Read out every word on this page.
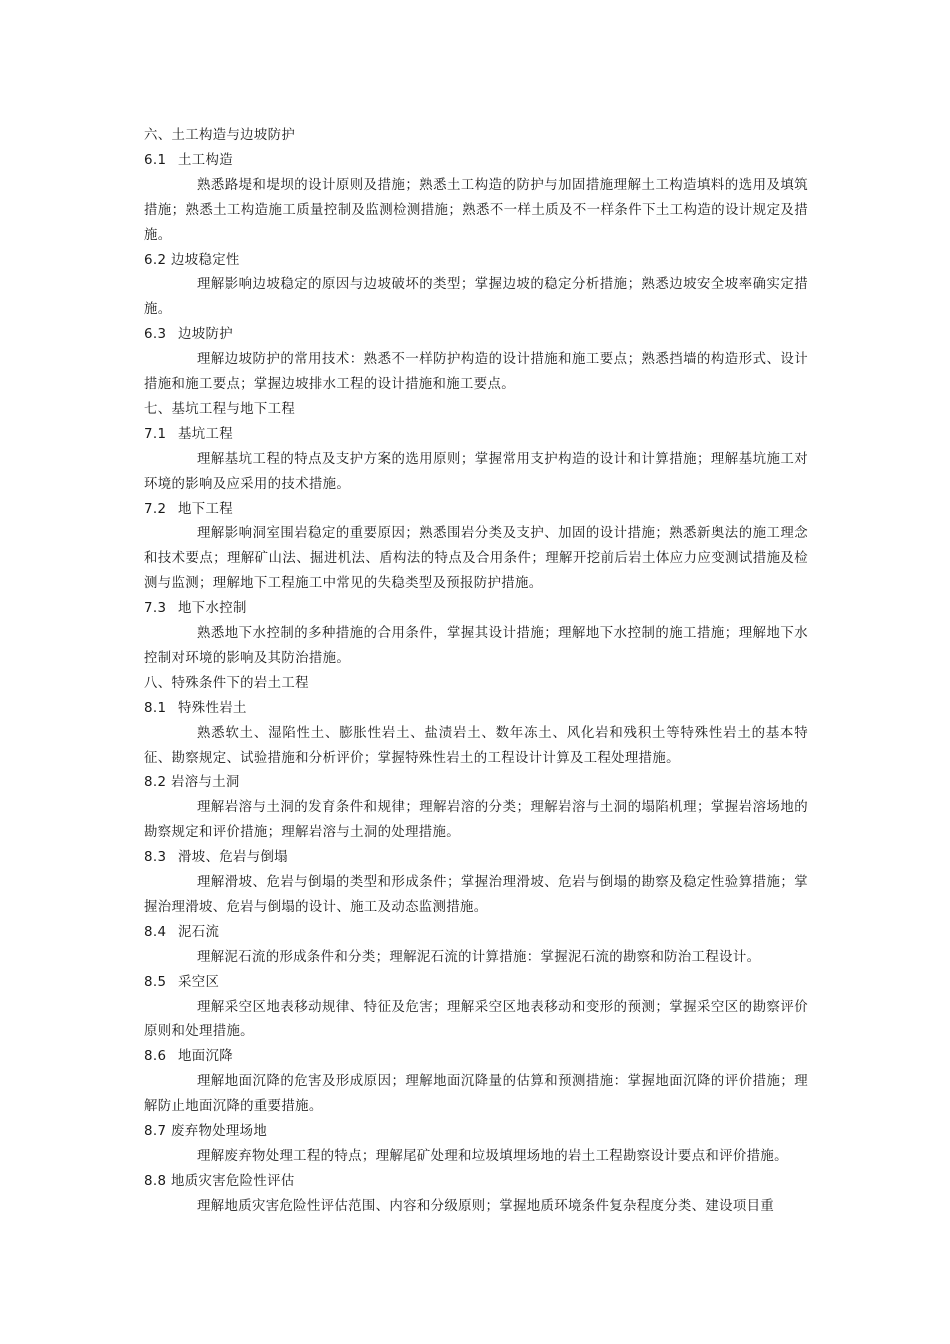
六、土工构造与边坡防护
6.1 土工构造

熟悉路堤和堤坝的设计原则及措施；熟悉土工构造的防护与加固措施理解土工构造填料的选用及填筑措施；熟悉土工构造施工质量控制及监测检测措施；熟悉不一样土质及不一样条件下土工构造的设计规定及措施。

6.2 边坡稳定性

理解影响边坡稳定的原因与边坡破坏的类型；掌握边坡的稳定分析措施；熟悉边坡安全坡率确实定措施。

6.3 边坡防护

理解边坡防护的常用技术：熟悉不一样防护构造的设计措施和施工要点；熟悉挡墙的构造形式、设计措施和施工要点；掌握边坡排水工程的设计措施和施工要点。

七、基坑工程与地下工程
7.1 基坑工程

理解基坑工程的特点及支护方案的选用原则；掌握常用支护构造的设计和计算措施；理解基坑施工对环境的影响及应采用的技术措施。

7.2 地下工程

理解影响洞室围岩稳定的重要原因；熟悉围岩分类及支护、加固的设计措施；熟悉新奥法的施工理念和技术要点；理解矿山法、掘进机法、盾构法的特点及合用条件；理解开挖前后岩土体应力应变测试措施及检测与监测；理解地下工程施工中常见的失稳类型及预报防护措施。

7.3 地下水控制

熟悉地下水控制的多种措施的合用条件，掌握其设计措施；理解地下水控制的施工措施；理解地下水控制对环境的影响及其防治措施。

八、特殊条件下的岩土工程
8.1 特殊性岩土

熟悉软土、湿陷性土、膨胀性岩土、盐渍岩土、数年冻土、风化岩和残积土等特殊性岩土的基本特征、勘察规定、试验措施和分析评价；掌握特殊性岩土的工程设计计算及工程处理措施。

8.2 岩溶与土洞

理解岩溶与土洞的发育条件和规律；理解岩溶的分类；理解岩溶与土洞的塌陷机理；掌握岩溶场地的勘察规定和评价措施；理解岩溶与土洞的处理措施。

8.3 滑坡、危岩与倒塌

理解滑坡、危岩与倒塌的类型和形成条件；掌握治理滑坡、危岩与倒塌的勘察及稳定性验算措施；掌握治理滑坡、危岩与倒塌的设计、施工及动态监测措施。

8.4 泥石流

理解泥石流的形成条件和分类；理解泥石流的计算措施：掌握泥石流的勘察和防治工程设计。

8.5 采空区

理解采空区地表移动规律、特征及危害；理解采空区地表移动和变形的预测；掌握采空区的勘察评价原则和处理措施。

8.6 地面沉降

理解地面沉降的危害及形成原因；理解地面沉降量的估算和预测措施：掌握地面沉降的评价措施；理解防止地面沉降的重要措施。

8.7 废弃物处理场地

理解废弃物处理工程的特点；理解尾矿处理和垃圾填埋场地的岩土工程勘察设计要点和评价措施。

8.8 地质灾害危险性评估

理解地质灾害危险性评估范围、内容和分级原则；掌握地质环境条件复杂程度分类、建设项目重
